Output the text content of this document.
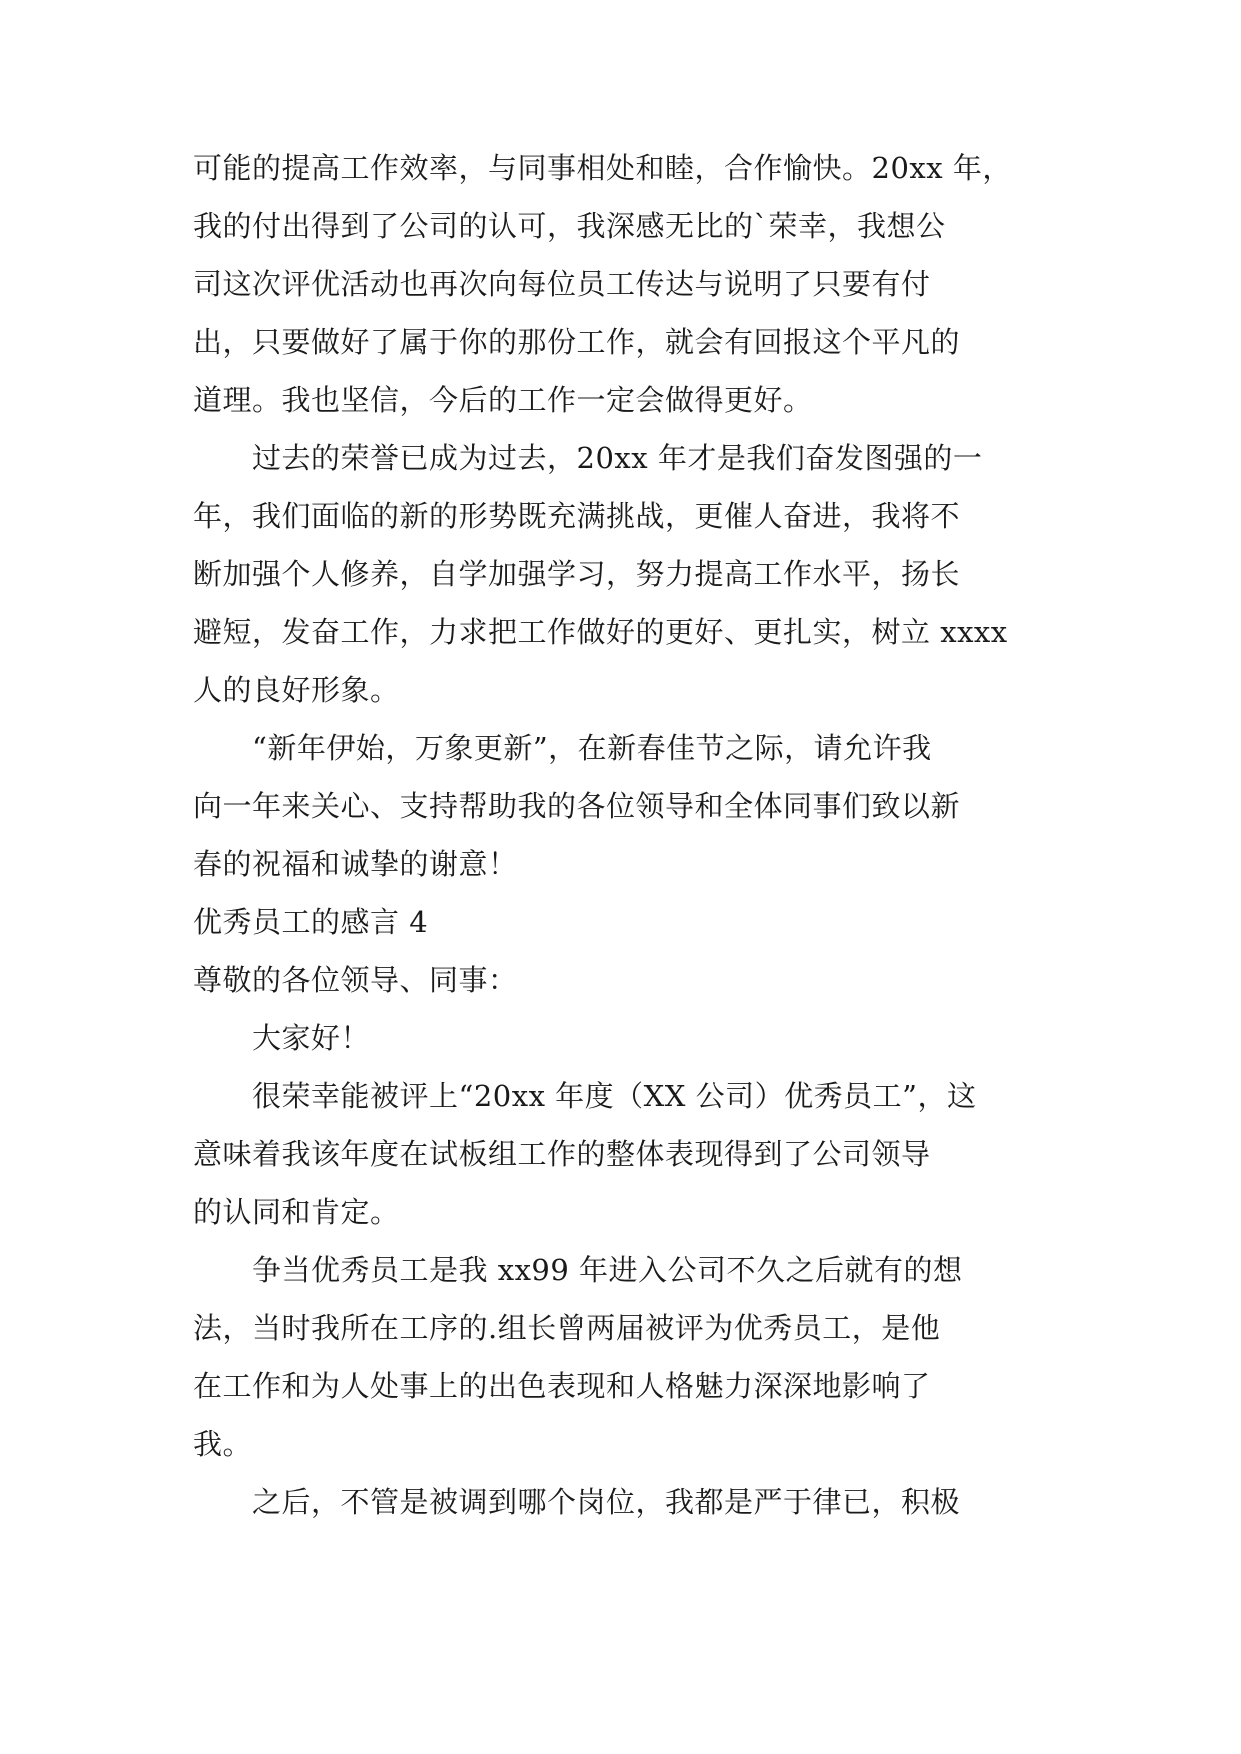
可能的提高工作效率，与同事相处和睦，合作愉快。20xx 年，
我的付出得到了公司的认可，我深感无比的`荣幸，我想公
司这次评优活动也再次向每位员工传达与说明了只要有付
出，只要做好了属于你的那份工作，就会有回报这个平凡的
道理。我也坚信，今后的工作一定会做得更好。
过去的荣誉已成为过去，20xx 年才是我们奋发图强的一
年，我们面临的新的形势既充满挑战，更催人奋进，我将不
断加强个人修养，自学加强学习，努力提高工作水平，扬长
避短，发奋工作，力求把工作做好的更好、更扎实，树立 xxxx
人的良好形象。
“新年伊始，万象更新”，在新春佳节之际，请允许我
向一年来关心、支持帮助我的各位领导和全体同事们致以新
春的祝福和诚挚的谢意！
优秀员工的感言 4
尊敬的各位领导、同事：
大家好！
很荣幸能被评上“20xx 年度（XX 公司）优秀员工”，这
意味着我该年度在试板组工作的整体表现得到了公司领导
的认同和肯定。
争当优秀员工是我 xx99 年进入公司不久之后就有的想
法，当时我所在工序的.组长曾两届被评为优秀员工，是他
在工作和为人处事上的出色表现和人格魅力深深地影响了
我。
之后，不管是被调到哪个岗位，我都是严于律已，积极
